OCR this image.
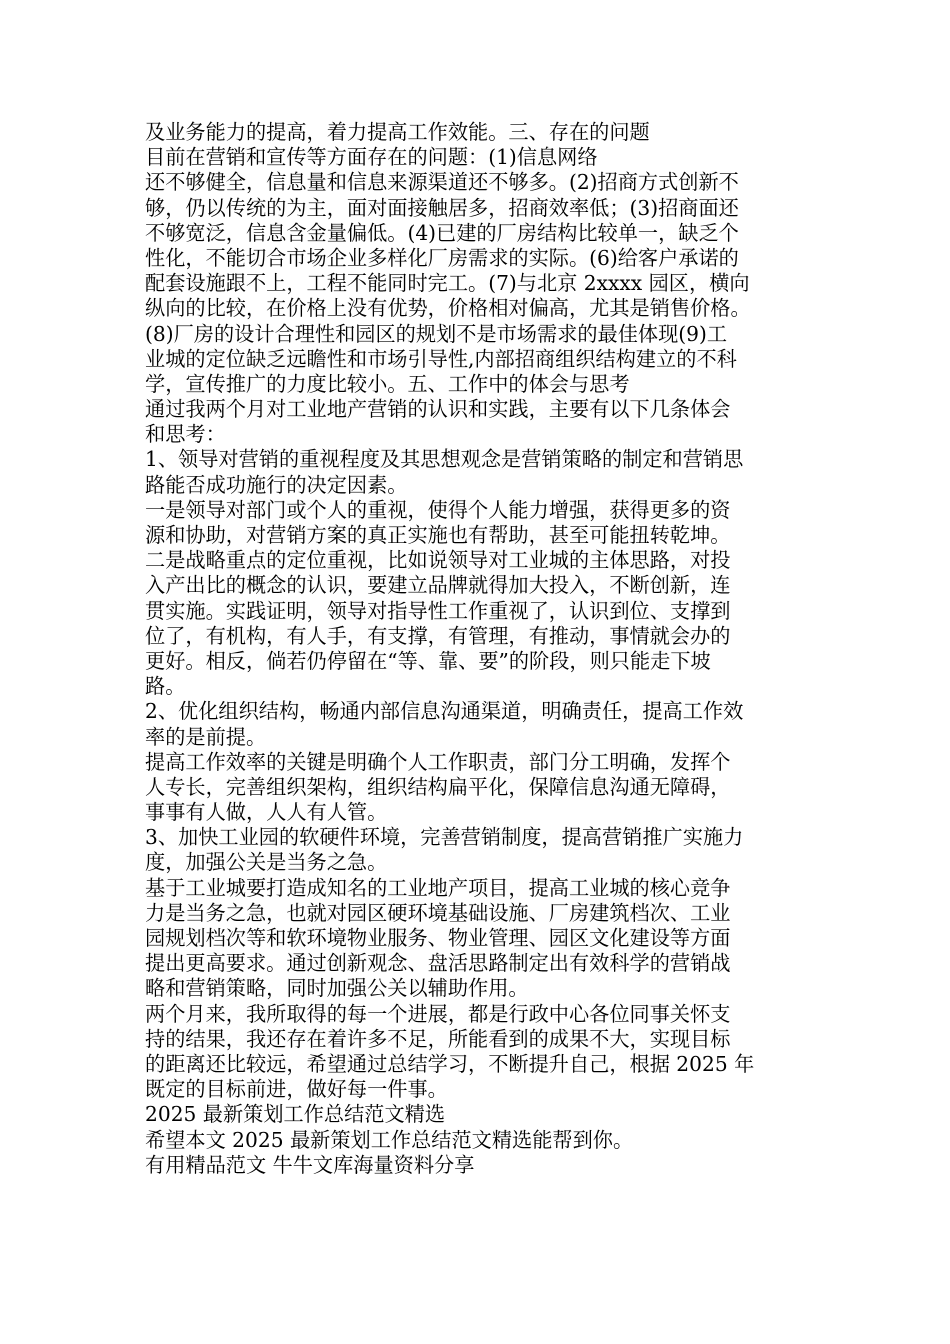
及业务能力的提高，着力提高工作效能。三、存在的问题
目前在营销和宣传等方面存在的问题：(1)信息网络
还不够健全，信息量和信息来源渠道还不够多。(2)招商方式创新不
够，仍以传统的为主，面对面接触居多，招商效率低；(3)招商面还
不够宽泛，信息含金量偏低。(4)已建的厂房结构比较单一，缺乏个
性化，不能切合市场企业多样化厂房需求的实际。(6)给客户承诺的
配套设施跟不上，工程不能同时完工。(7)与北京 2xxxx 园区，横向
纵向的比较，在价格上没有优势，价格相对偏高，尤其是销售价格。
(8)厂房的设计合理性和园区的规划不是市场需求的最佳体现(9)工
业城的定位缺乏远瞻性和市场引导性,内部招商组织结构建立的不科
学，宣传推广的力度比较小。五、工作中的体会与思考
通过我两个月对工业地产营销的认识和实践，主要有以下几条体会
和思考：
1、领导对营销的重视程度及其思想观念是营销策略的制定和营销思
路能否成功施行的决定因素。
一是领导对部门或个人的重视，使得个人能力增强，获得更多的资
源和协助，对营销方案的真正实施也有帮助，甚至可能扭转乾坤。
二是战略重点的定位重视，比如说领导对工业城的主体思路，对投
入产出比的概念的认识，要建立品牌就得加大投入，不断创新，连
贯实施。实践证明，领导对指导性工作重视了，认识到位、支撑到
位了，有机构，有人手，有支撑，有管理，有推动，事情就会办的
更好。相反，倘若仍停留在“等、靠、要”的阶段，则只能走下坡
路。
2、优化组织结构，畅通内部信息沟通渠道，明确责任，提高工作效
率的是前提。
提高工作效率的关键是明确个人工作职责，部门分工明确，发挥个
人专长，完善组织架构，组织结构扁平化，保障信息沟通无障碍，
事事有人做，人人有人管。
3、加快工业园的软硬件环境，完善营销制度，提高营销推广实施力
度，加强公关是当务之急。
基于工业城要打造成知名的工业地产项目，提高工业城的核心竞争
力是当务之急，也就对园区硬环境基础设施、厂房建筑档次、工业
园规划档次等和软环境物业服务、物业管理、园区文化建设等方面
提出更高要求。通过创新观念、盘活思路制定出有效科学的营销战
略和营销策略，同时加强公关以辅助作用。
两个月来，我所取得的每一个进展，都是行政中心各位同事关怀支
持的结果，我还存在着许多不足，所能看到的成果不大，实现目标
的距离还比较远，希望通过总结学习，不断提升自己，根据 2025 年
既定的目标前进，做好每一件事。
2025 最新策划工作总结范文精选
希望本文 2025 最新策划工作总结范文精选能帮到你。
有用精品范文 牛牛文库海量资料分享
